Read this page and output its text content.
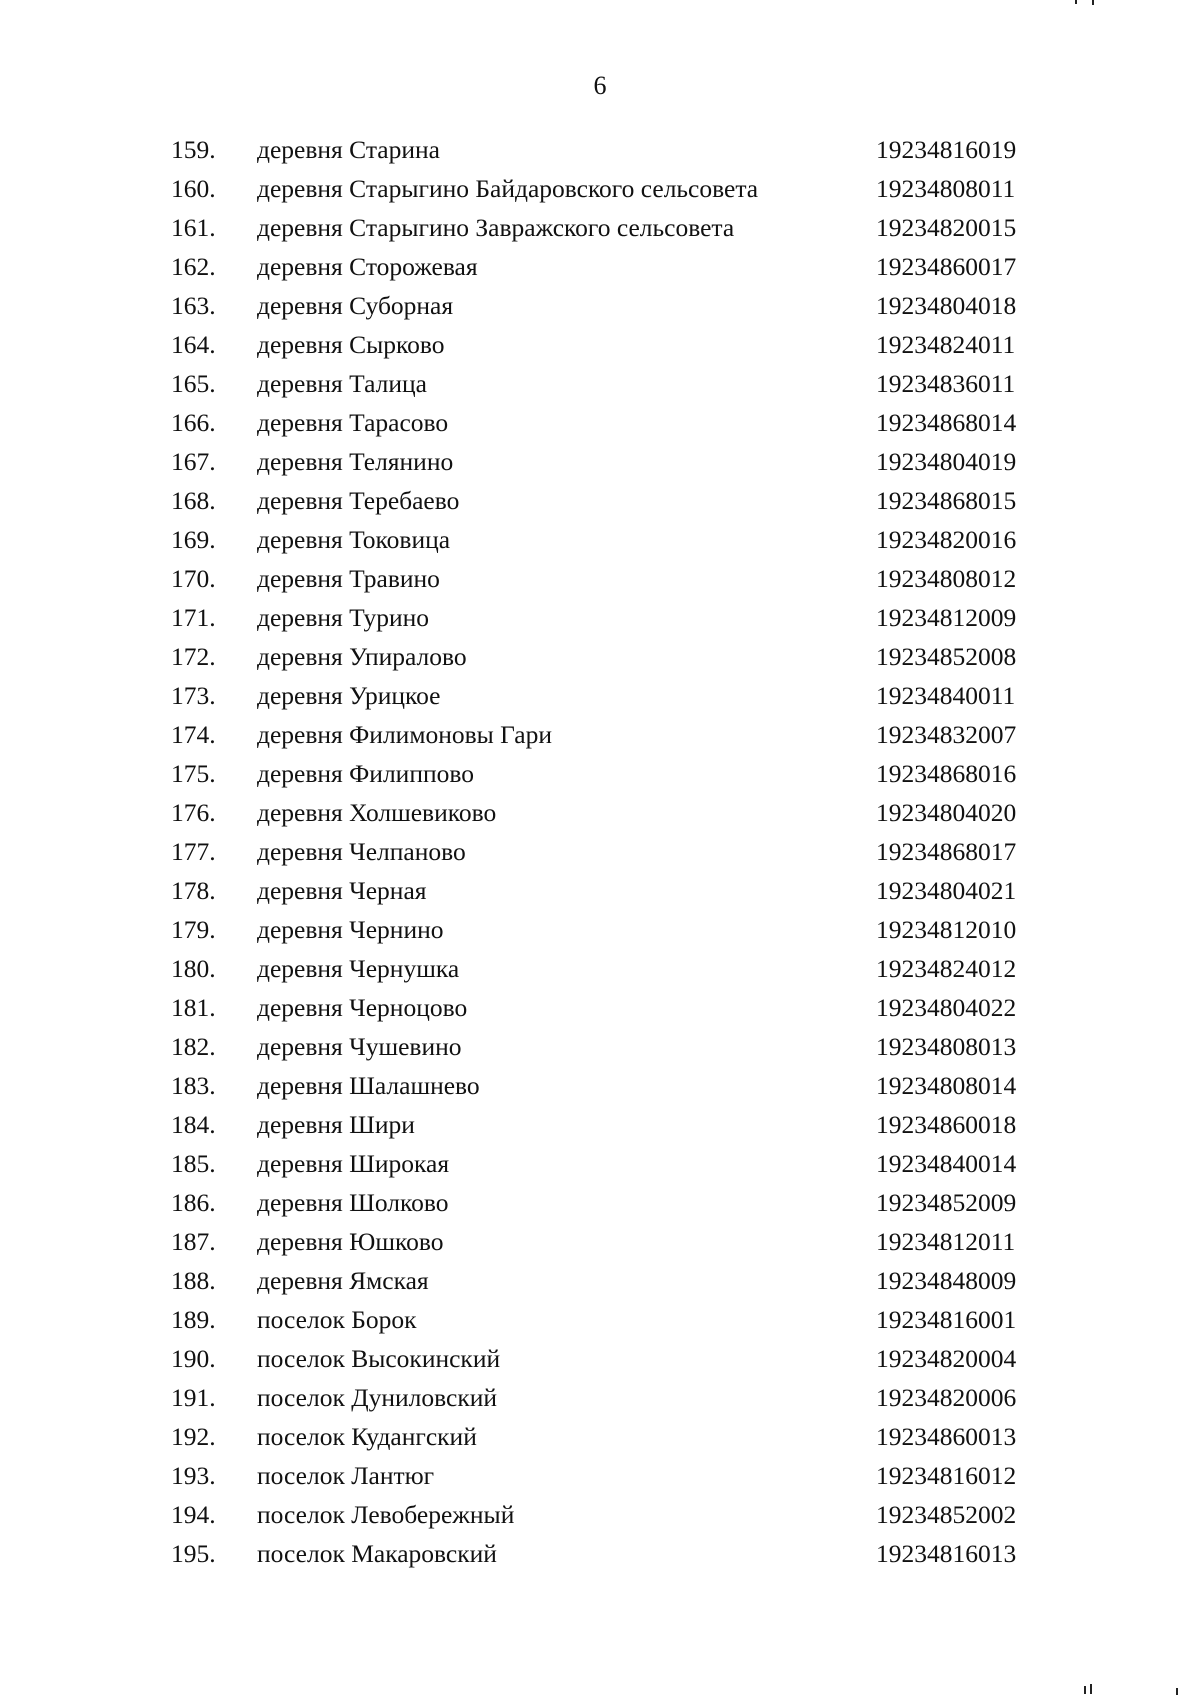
6
159.	деревня Старина	19234816019
160.	деревня Старыгино Байдаровского сельсовета	19234808011
161.	деревня Старыгино Завражского сельсовета	19234820015
162.	деревня Сторожевая	19234860017
163.	деревня Суборная	19234804018
164.	деревня Сырково	19234824011
165.	деревня Талица	19234836011
166.	деревня Тарасово	19234868014
167.	деревня Телянино	19234804019
168.	деревня Теребаево	19234868015
169.	деревня Токовица	19234820016
170.	деревня Травино	19234808012
171.	деревня Турино	19234812009
172.	деревня Упиралово	19234852008
173.	деревня Урицкое	19234840011
174.	деревня Филимоновы Гари	19234832007
175.	деревня Филиппово	19234868016
176.	деревня Холшевиково	19234804020
177.	деревня Челпаново	19234868017
178.	деревня Черная	19234804021
179.	деревня Чернино	19234812010
180.	деревня Чернушка	19234824012
181.	деревня Черноцово	19234804022
182.	деревня Чушевино	19234808013
183.	деревня Шалашнево	19234808014
184.	деревня Шири	19234860018
185.	деревня Широкая	19234840014
186.	деревня Шолково	19234852009
187.	деревня Юшково	19234812011
188.	деревня Ямская	19234848009
189.	поселок Борок	19234816001
190.	поселок Высокинский	19234820004
191.	поселок Дуниловский	19234820006
192.	поселок Кудангский	19234860013
193.	поселок Лантюг	19234816012
194.	поселок Левобережный	19234852002
195.	поселок Макаровский	19234816013
